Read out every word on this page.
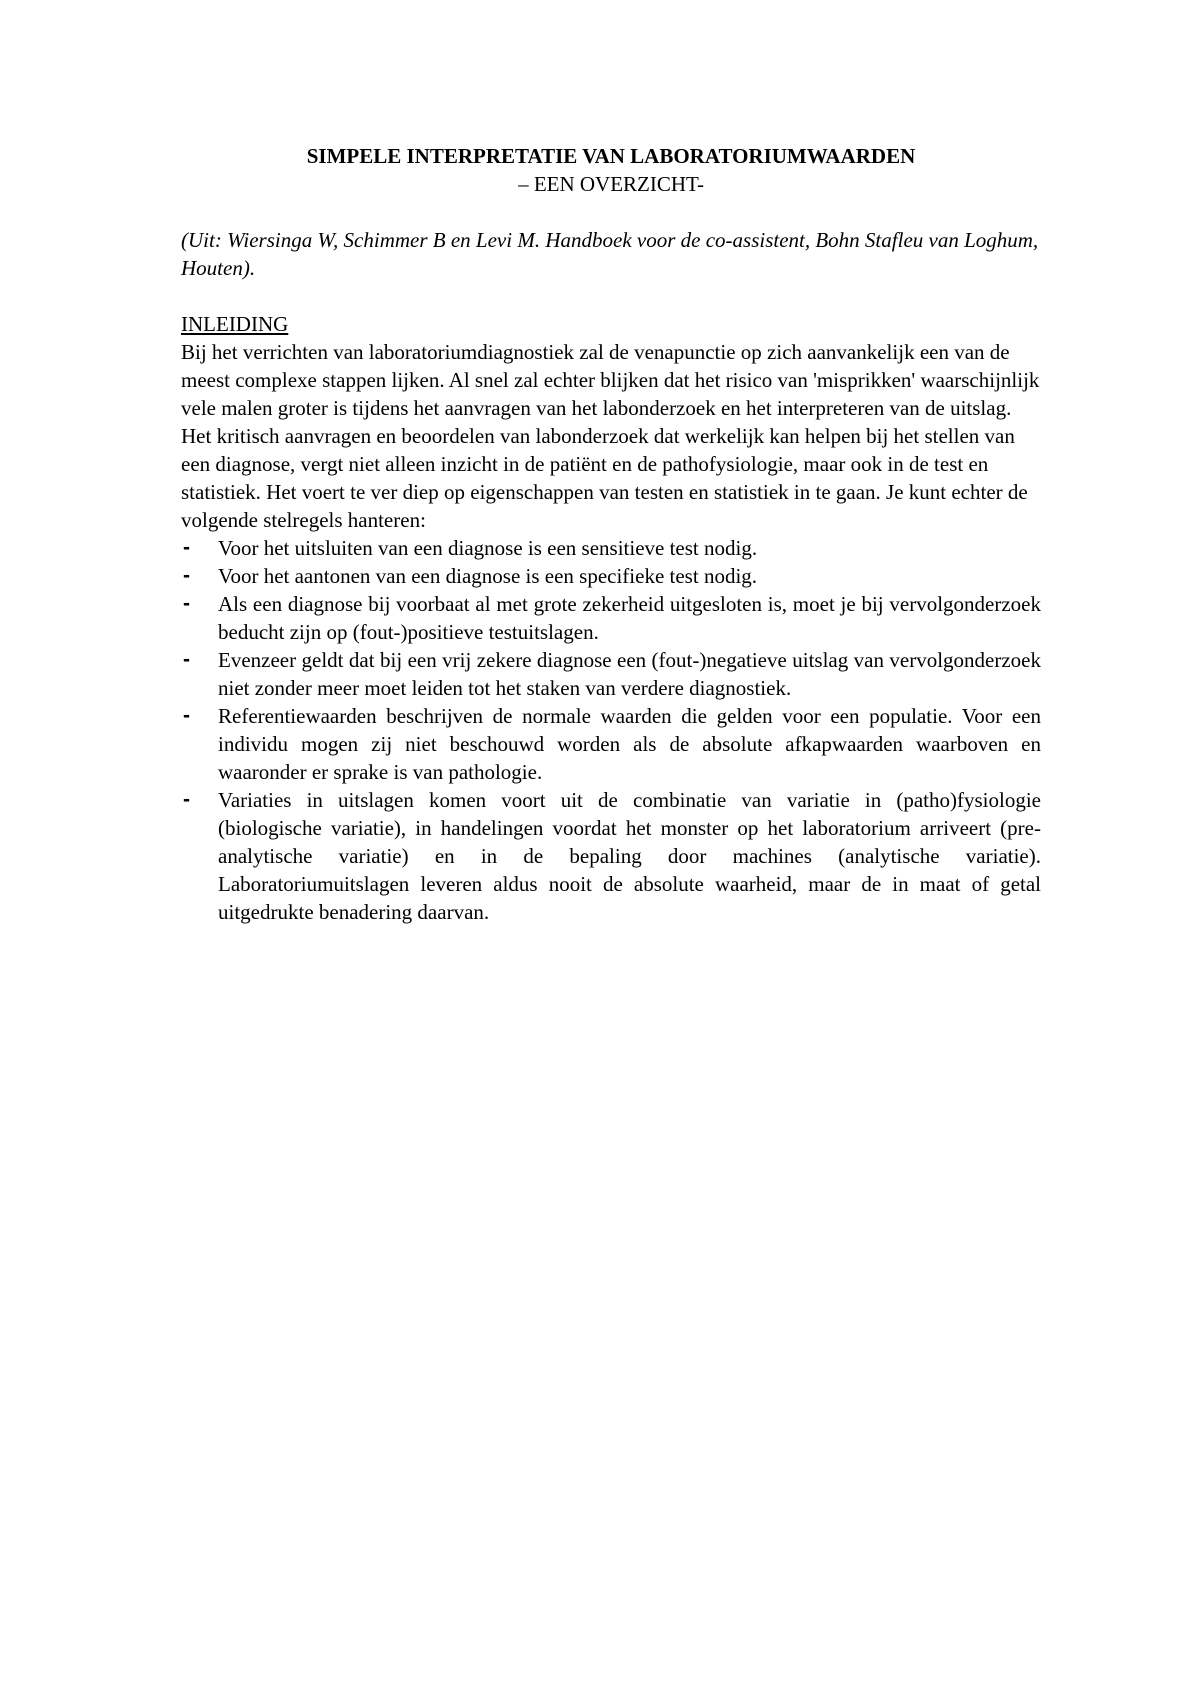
SIMPELE INTERPRETATIE VAN LABORATORIUMWAARDEN

– EEN OVERZICHT-

(Uit: Wiersinga W, Schimmer B en Levi M. Handboek voor de co-assistent, Bohn Stafleu van Loghum, Houten).

INLEIDING

Bij het verrichten van laboratoriumdiagnostiek zal de venapunctie op zich aanvankelijk een van de meest complexe stappen lijken. Al snel zal echter blijken dat het risico van 'misprikken' waarschijnlijk vele malen groter is tijdens het aanvragen van het labonderzoek en het interpreteren van de uitslag. Het kritisch aanvragen en beoordelen van labonderzoek dat werkelijk kan helpen bij het stellen van een diagnose, vergt niet alleen inzicht in de patiënt en de pathofysiologie, maar ook in de test en statistiek. Het voert te ver diep op eigenschappen van testen en statistiek in te gaan. Je kunt echter de volgende stelregels hanteren:

- Voor het uitsluiten van een diagnose is een sensitieve test nodig.
- Voor het aantonen van een diagnose is een specifieke test nodig.
- Als een diagnose bij voorbaat al met grote zekerheid uitgesloten is, moet je bij vervolgonderzoek beducht zijn op (fout-)positieve testuitslagen.
- Evenzeer geldt dat bij een vrij zekere diagnose een (fout-)negatieve uitslag van vervolgonderzoek niet zonder meer moet leiden tot het staken van verdere diagnostiek.
- Referentiewaarden beschrijven de normale waarden die gelden voor een populatie. Voor een individu mogen zij niet beschouwd worden als de absolute afkapwaarden waarboven en waaronder er sprake is van pathologie.
- Variaties in uitslagen komen voort uit de combinatie van variatie in (patho)fysiologie (biologische variatie), in handelingen voordat het monster op het laboratorium arriveert (pre-analytische variatie) en in de bepaling door machines (analytische variatie). Laboratoriumuitslagen leveren aldus nooit de absolute waarheid, maar de in maat of getal uitgedrukte benadering daarvan.
